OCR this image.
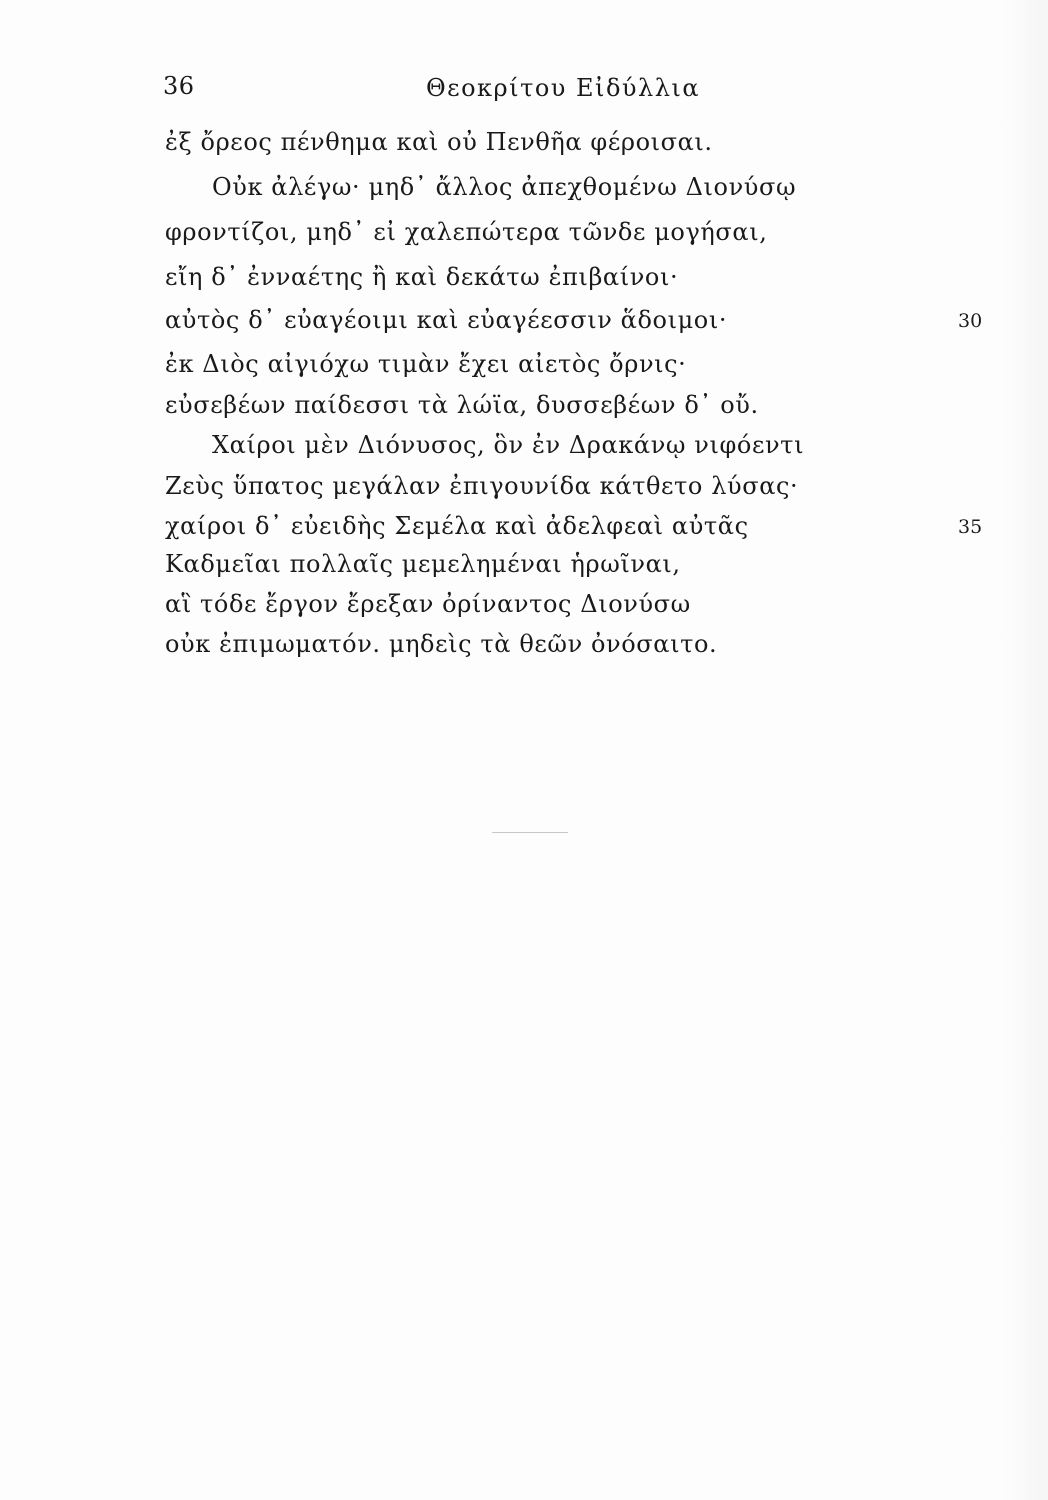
36	Θεοκρίτου Εἰδύλλια
ἐξ ὄρεος πένθημα καὶ οὐ Πενθῆα φέροισαι.
Οὐκ ἀλέγω· μηδ᾽ ἄλλος ἀπεχθομένω Διονύσῳ
φροντίζοι, μηδ᾽ εἰ χαλεπώτερα τῶνδε μογήσαι,
εἴη δ᾽ ἐνναέτης ἢ καὶ δεκάτω ἐπιβαίνοι·
αὐτὸς δ᾽ εὐαγέοιμι καὶ εὐαγέεσσιν ἅδοιμοι·	30
ἐκ Διὸς αἰγιόχω τιμὰν ἔχει αἰετὸς ὄρνις·
εὐσεβέων παίδεσσι τὰ λώϊα, δυσσεβέων δ᾽ οὔ.
Χαίροι μὲν Διόνυσος, ὃν ἐν Δρακάνῳ νιφόεντι
Ζεὺς ὕπατος μεγάλαν ἐπιγουνίδα κάτθετο λύσας·
χαίροι δ᾽ εὐειδὴς Σεμέλα καὶ ἀδελφεαὶ αὐτᾶς	35
Καδμεῖαι πολλαῖς μεμελημέναι ἡρωῖναι,
αἳ τόδε ἔργον ἔρεξαν ὀρίναντος Διονύσω
οὐκ ἐπιμωματόν. μηδεὶς τὰ θεῶν ὀνόσαιτο.
